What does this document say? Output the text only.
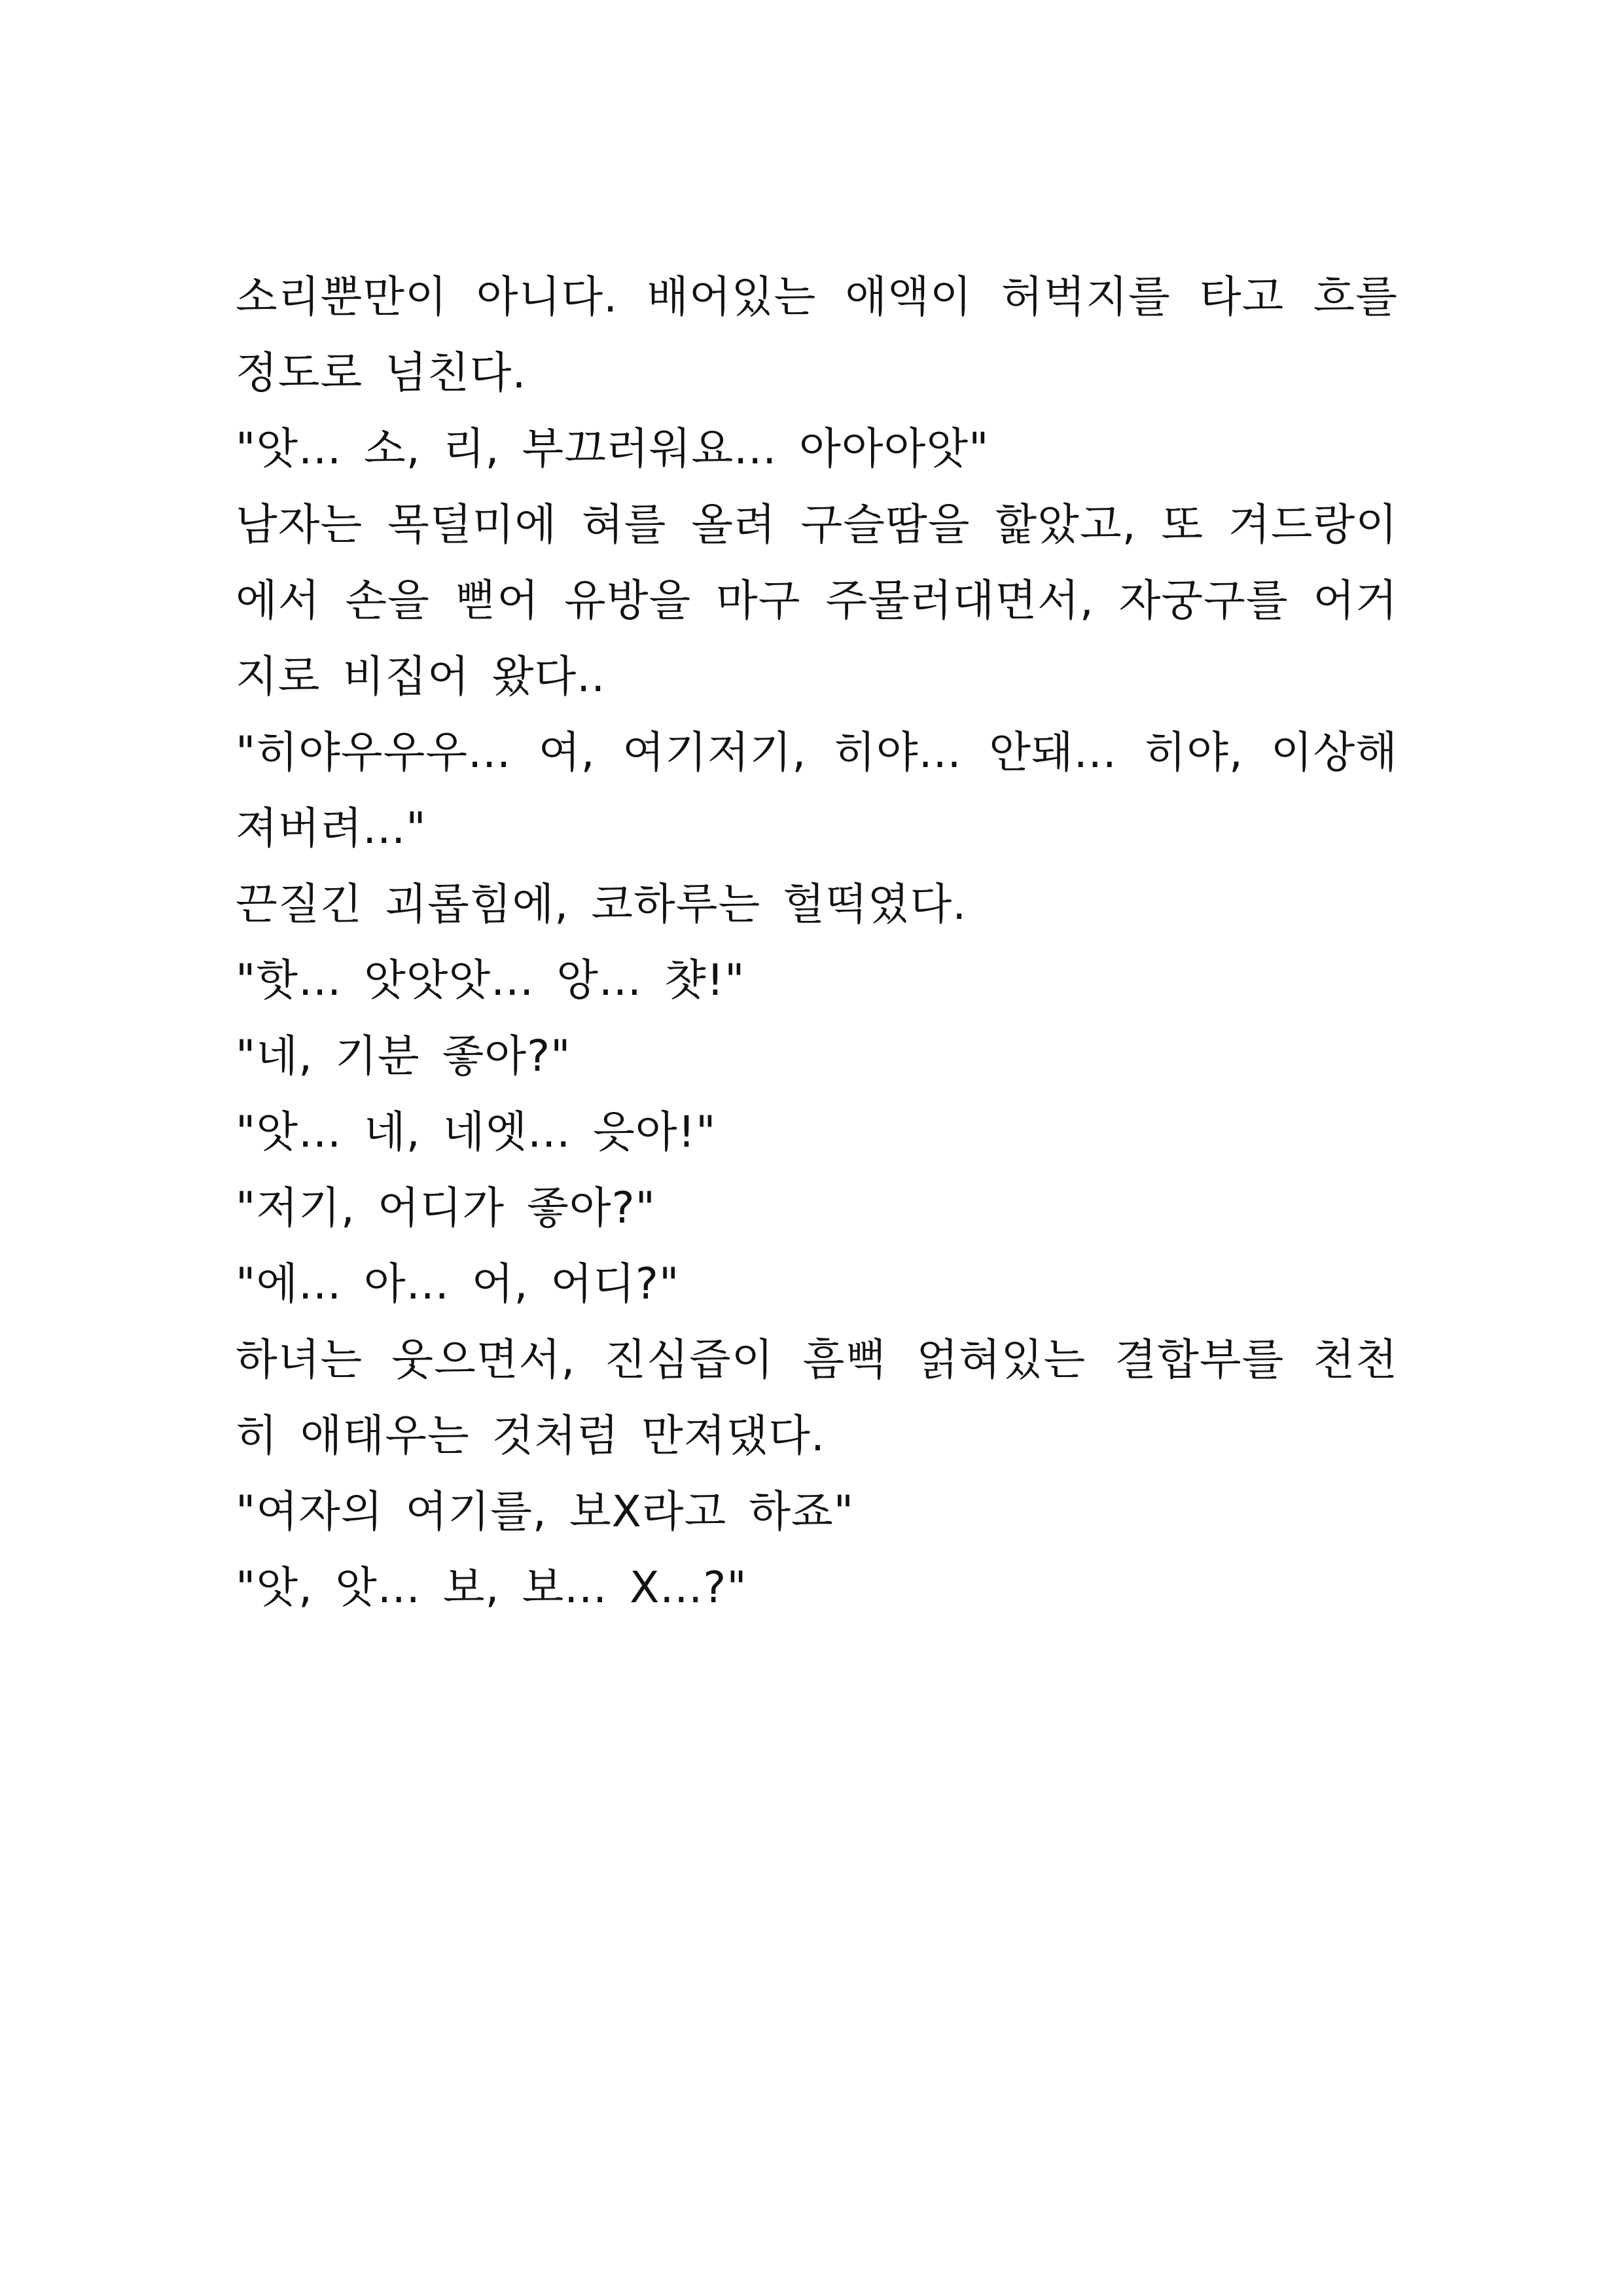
소리뿐만이 아니다. 배어있는 애액이 허벅지를 타고 흐를 정도로 넘친다.

"앗... 소, 리, 부끄러워요... 아아아앗"

남자는 목덜미에 혀를 올려 구슬땀을 핥았고, 또 겨드랑이에서 손을 뻗어 유방을 마구 주물러대면서, 자궁구를 어거지로 비집어 왔다..

"히야우우우... 여, 여기저기, 히야... 안돼... 히야, 이상해져버려..."

끈질긴 괴롭힘에, 코하루는 헐떡였다.

"핫... 앗앗앗... 앙... 챳!"

"네, 기분 좋아?"

"앗... 네, 네엣... 읏아!"

"저기, 어디가 좋아?"

"에... 아... 어, 어디?"

하녀는 웃으면서, 진심즙이 흠뻑 얽혀있는 결합부를 천천히 애태우는 것처럼 만져댔다.

"여자의 여기를, 보X라고 하죠"

"앗, 앗... 보, 보... X...?"
